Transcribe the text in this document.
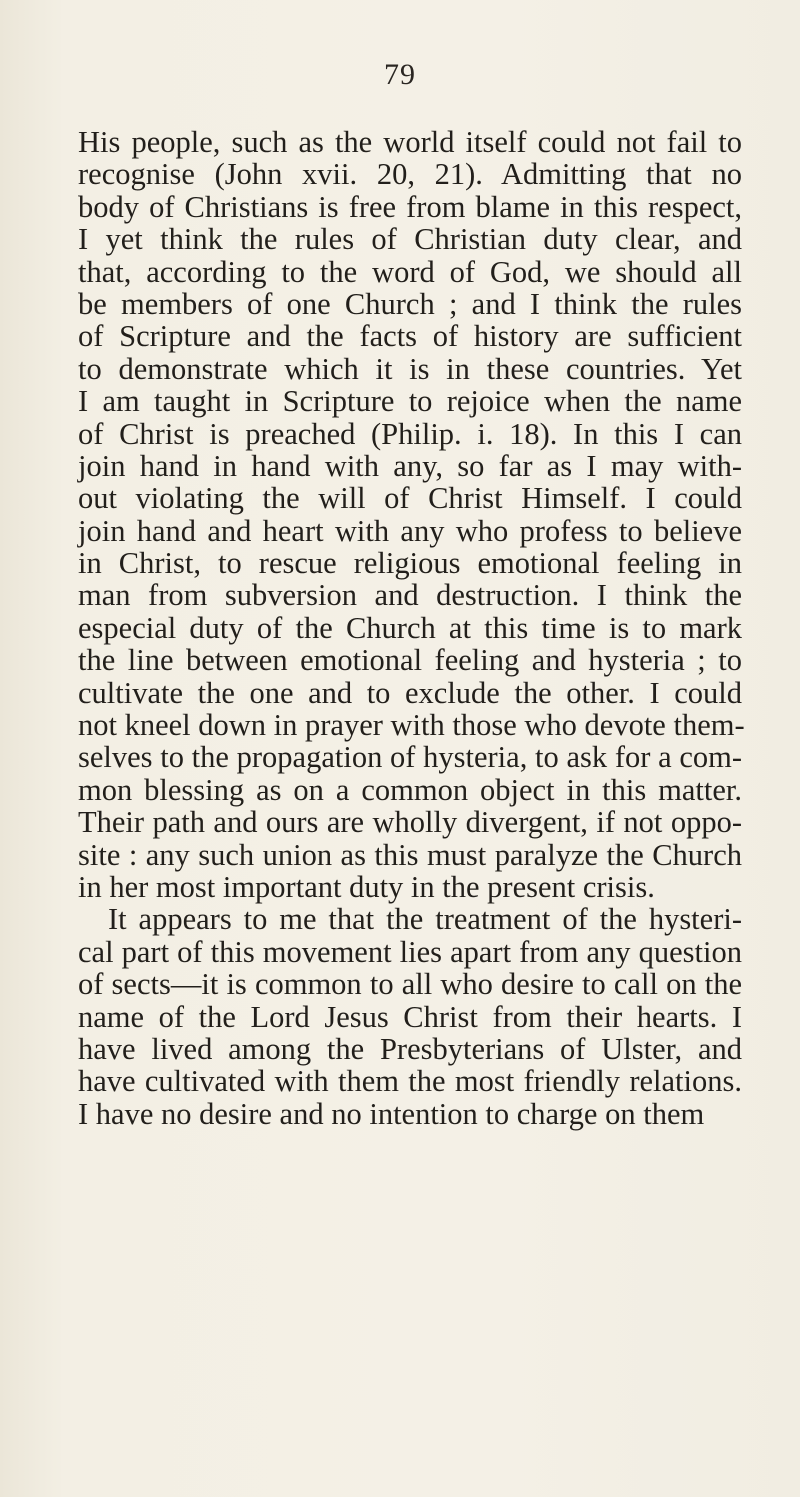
79
His people, such as the world itself could not fail to
recognise (John xvii. 20, 21). Admitting that no
body of Christians is free from blame in this respect,
I yet think the rules of Christian duty clear, and
that, according to the word of God, we should all
be members of one Church ; and I think the rules
of Scripture and the facts of history are sufficient
to demonstrate which it is in these countries. Yet
I am taught in Scripture to rejoice when the name
of Christ is preached (Philip. i. 18). In this I can
join hand in hand with any, so far as I may with-
out violating the will of Christ Himself. I could
join hand and heart with any who profess to believe
in Christ, to rescue religious emotional feeling in
man from subversion and destruction. I think the
especial duty of the Church at this time is to mark
the line between emotional feeling and hysteria ; to
cultivate the one and to exclude the other. I could
not kneel down in prayer with those who devote them-
selves to the propagation of hysteria, to ask for a com-
mon blessing as on a common object in this matter.
Their path and ours are wholly divergent, if not oppo-
site : any such union as this must paralyze the Church
in her most important duty in the present crisis.
It appears to me that the treatment of the hysteri-
cal part of this movement lies apart from any question
of sects—it is common to all who desire to call on the
name of the Lord Jesus Christ from their hearts. I
have lived among the Presbyterians of Ulster, and
have cultivated with them the most friendly relations.
I have no desire and no intention to charge on them
